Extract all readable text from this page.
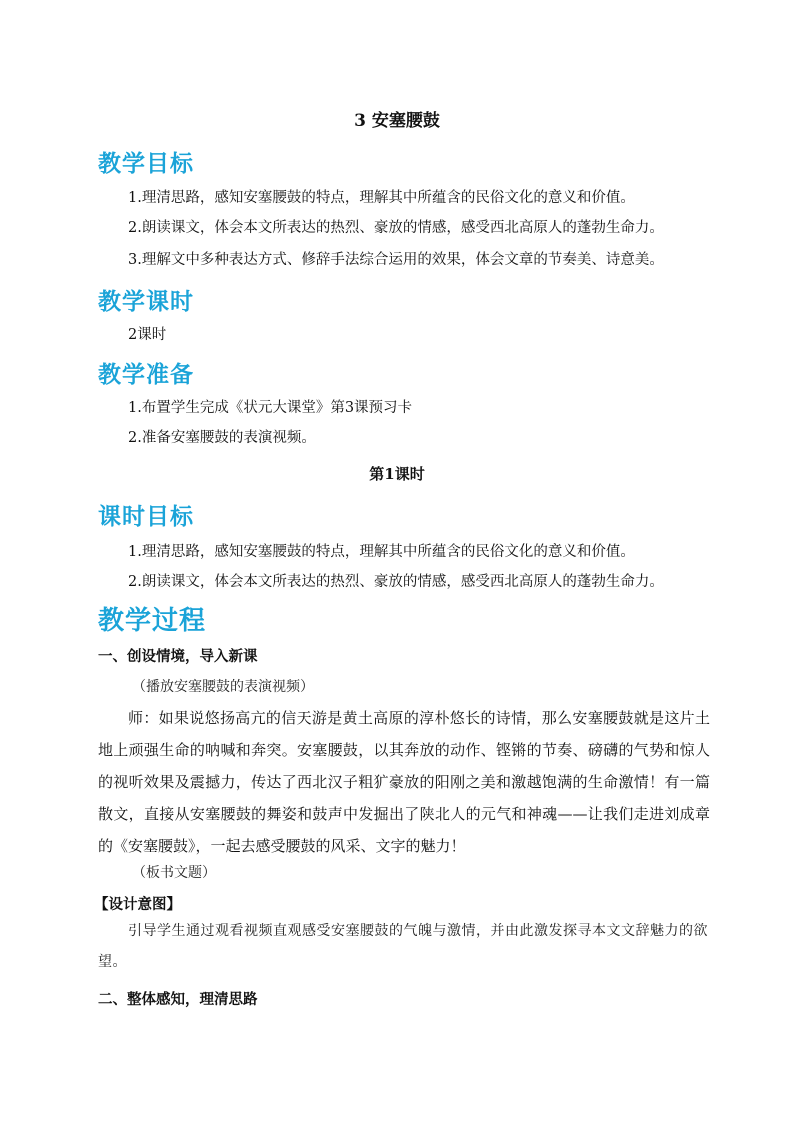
3 安塞腰鼓
教学目标
1.理清思路，感知安塞腰鼓的特点，理解其中所蕴含的民俗文化的意义和价值。
2.朗读课文，体会本文所表达的热烈、豪放的情感，感受西北高原人的蓬勃生命力。
3.理解文中多种表达方式、修辞手法综合运用的效果，体会文章的节奏美、诗意美。
教学课时
2课时
教学准备
1.布置学生完成《状元大课堂》第3课预习卡
2.准备安塞腰鼓的表演视频。
第1课时
课时目标
1.理清思路，感知安塞腰鼓的特点，理解其中所蕴含的民俗文化的意义和价值。
2.朗读课文，体会本文所表达的热烈、豪放的情感，感受西北高原人的蓬勃生命力。
教学过程
一、创设情境，导入新课
（播放安塞腰鼓的表演视频）
师：如果说悠扬高亢的信天游是黄土高原的淳朴悠长的诗情，那么安塞腰鼓就是这片土地上顽强生命的呐喊和奔突。安塞腰鼓，以其奔放的动作、铿锵的节奏、磅礴的气势和惊人的视听效果及震撼力，传达了西北汉子粗犷豪放的阳刚之美和激越饱满的生命激情！有一篇散文，直接从安塞腰鼓的舞姿和鼓声中发掘出了陕北人的元气和神魂——让我们走进刘成章的《安塞腰鼓》，一起去感受腰鼓的风采、文字的魅力！
（板书文题）
【设计意图】
引导学生通过观看视频直观感受安塞腰鼓的气魄与激情，并由此激发探寻本文文辞魅力的欲望。
二、整体感知，理清思路
